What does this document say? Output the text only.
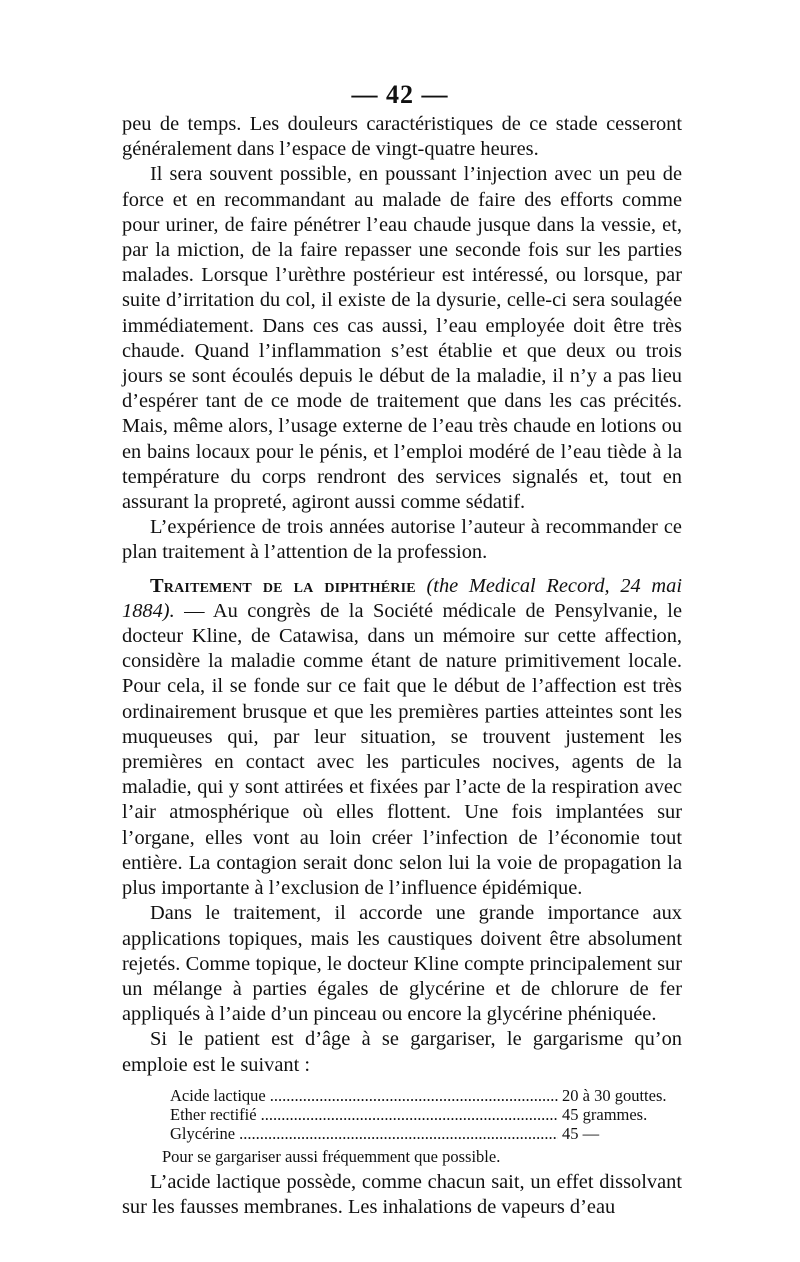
— 42 —

peu de temps. Les douleurs caractéristiques de ce stade cesseront généralement dans l’espace de vingt-quatre heures.

Il sera souvent possible, en poussant l’injection avec un peu de force et en recommandant au malade de faire des efforts comme pour uriner, de faire pénétrer l’eau chaude jusque dans la vessie, et, par la miction, de la faire repasser une seconde fois sur les parties malades. Lorsque l’urèthre postérieur est intéressé, ou lorsque, par suite d’irritation du col, il existe de la dysurie, celle-ci sera soulagée immédiatement. Dans ces cas aussi, l’eau employée doit être très chaude. Quand l’inflammation s’est établie et que deux ou trois jours se sont écoulés depuis le début de la maladie, il n’y a pas lieu d’espérer tant de ce mode de traitement que dans les cas précités. Mais, même alors, l’usage externe de l’eau très chaude en lotions ou en bains locaux pour le pénis, et l’emploi modéré de l’eau tiède à la température du corps rendront des services signalés et, tout en assurant la propreté, agiront aussi comme sédatif.

L’expérience de trois années autorise l’auteur à recommander ce plan traitement à l’attention de la profession.

Traitement de la diphthérie (the Medical Record, 24 mai 1884). — Au congrès de la Société médicale de Pensylvanie, le docteur Kline, de Catawisa, dans un mémoire sur cette affection, considère la maladie comme étant de nature primitivement locale. Pour cela, il se fonde sur ce fait que le début de l’affection est très ordinairement brusque et que les premières parties atteintes sont les muqueuses qui, par leur situation, se trouvent justement les premières en contact avec les particules nocives, agents de la maladie, qui y sont attirées et fixées par l’acte de la respiration avec l’air atmosphérique où elles flottent. Une fois implantées sur l’organe, elles vont au loin créer l’infection de l’économie tout entière. La contagion serait donc selon lui la voie de propagation la plus importante à l’exclusion de l’influence épidémique.

Dans le traitement, il accorde une grande importance aux applications topiques, mais les caustiques doivent être absolument rejetés. Comme topique, le docteur Kline compte principalement sur un mélange à parties égales de glycérine et de chlorure de fer appliqués à l’aide d’un pinceau ou encore la glycérine phéniquée.

Si le patient est d’âge à se gargariser, le gargarisme qu’on emploie est le suivant :

Acide lactique .....	20 à 30 gouttes.
Ether rectifié .....	45 grammes.
Glycérine .....	45 —
Pour se gargariser aussi fréquemment que possible.

L’acide lactique possède, comme chacun sait, un effet dissolvant sur les fausses membranes. Les inhalations de vapeurs d’eau
